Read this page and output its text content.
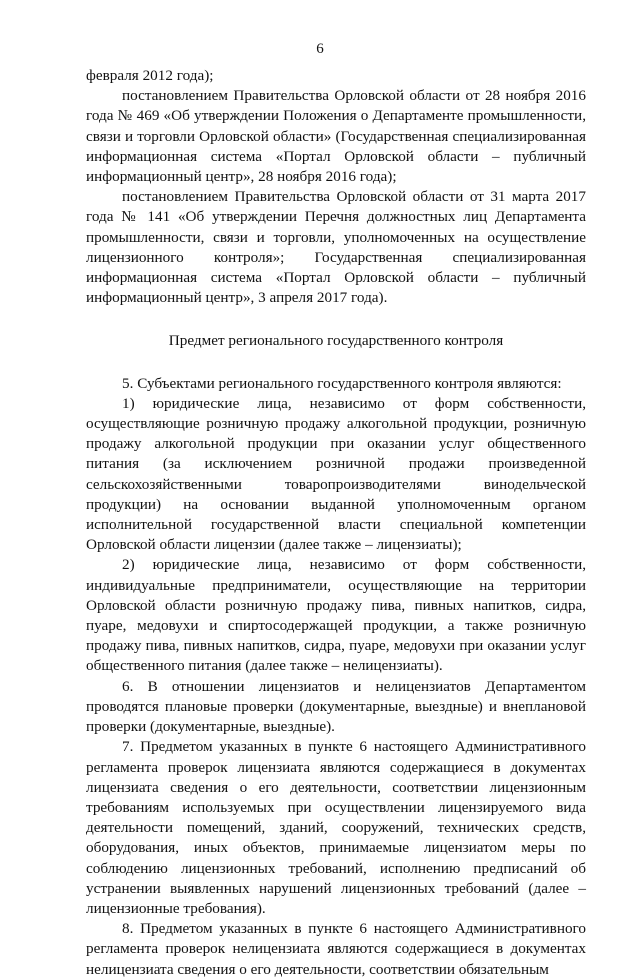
6

февраля 2012 года);

постановлением Правительства Орловской области от 28 ноября 2016 года № 469 «Об утверждении Положения о Департаменте промышленности, связи и торговли Орловской области» (Государственная специализированная информационная система «Портал Орловской области – публичный информационный центр», 28 ноября 2016 года);

постановлением Правительства Орловской области от 31 марта 2017 года № 141 «Об утверждении Перечня должностных лиц Департамента промышленности, связи и торговли, уполномоченных на осуществление лицензионного контроля»; Государственная специализированная информационная система «Портал Орловской области – публичный информационный центр», 3 апреля 2017 года).

Предмет регионального государственного контроля

5. Субъектами регионального государственного контроля являются:

1) юридические лица, независимо от форм собственности, осуществляющие розничную продажу алкогольной продукции, розничную продажу алкогольной продукции при оказании услуг общественного питания (за исключением розничной продажи произведенной сельскохозяйственными товаропроизводителями винодельческой продукции) на основании выданной уполномоченным органом исполнительной государственной власти специальной компетенции Орловской области лицензии (далее также – лицензиаты);

2) юридические лица, независимо от форм собственности, индивидуальные предприниматели, осуществляющие на территории Орловской области розничную продажу пива, пивных напитков, сидра, пуаре, медовухи и спиртосодержащей продукции, а также розничную продажу пива, пивных напитков, сидра, пуаре, медовухи при оказании услуг общественного питания (далее также – нелицензиаты).

6. В отношении лицензиатов и нелицензиатов Департаментом проводятся плановые проверки (документарные, выездные) и внеплановой проверки (документарные, выездные).

7. Предметом указанных в пункте 6 настоящего Административного регламента проверок лицензиата являются содержащиеся в документах лицензиата сведения о его деятельности, соответствии лицензионным требованиям используемых при осуществлении лицензируемого вида деятельности помещений, зданий, сооружений, технических средств, оборудования, иных объектов, принимаемые лицензиатом меры по соблюдению лицензионных требований, исполнению предписаний об устранении выявленных нарушений лицензионных требований (далее – лицензионные требования).

8. Предметом указанных в пункте 6 настоящего Административного регламента проверок нелицензиата являются содержащиеся в документах нелицензиата сведения о его деятельности, соответствии обязательным
